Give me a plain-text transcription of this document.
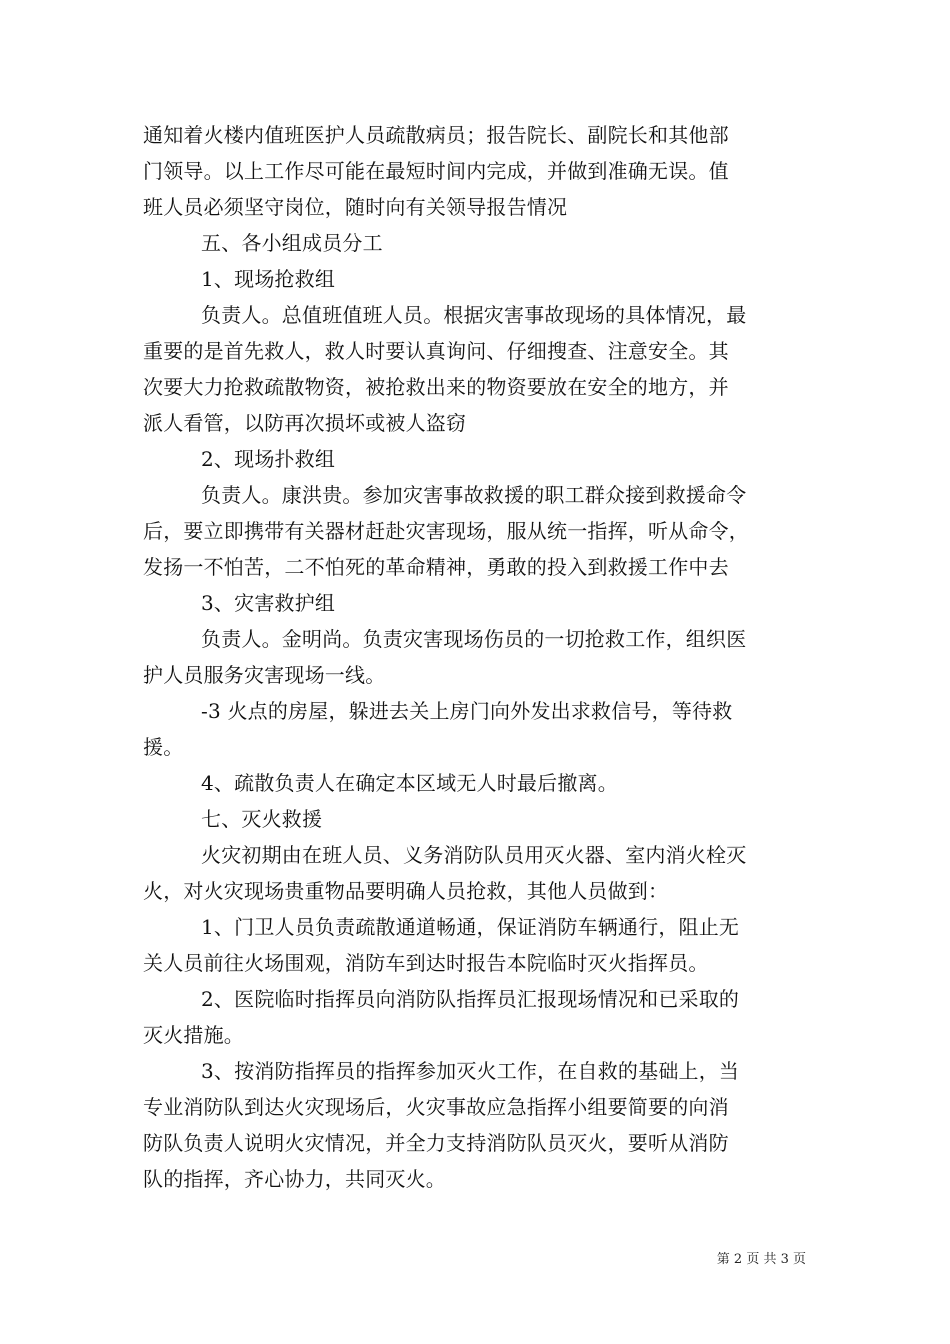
通知着火楼内值班医护人员疏散病员；报告院长、副院长和其他部
门领导。以上工作尽可能在最短时间内完成，并做到准确无误。值
班人员必须坚守岗位，随时向有关领导报告情况
五、各小组成员分工
1、现场抢救组
负责人。总值班值班人员。根据灾害事故现场的具体情况，最
重要的是首先救人，救人时要认真询问、仔细搜查、注意安全。其
次要大力抢救疏散物资，被抢救出来的物资要放在安全的地方，并
派人看管，以防再次损坏或被人盗窃
2、现场扑救组
负责人。康洪贵。参加灾害事故救援的职工群众接到救援命令
后，要立即携带有关器材赶赴灾害现场，服从统一指挥，听从命令，
发扬一不怕苦，二不怕死的革命精神，勇敢的投入到救援工作中去
3、灾害救护组
负责人。金明尚。负责灾害现场伤员的一切抢救工作，组织医
护人员服务灾害现场一线。
-3 火点的房屋，躲进去关上房门向外发出求救信号，等待救
援。
4、疏散负责人在确定本区域无人时最后撤离。
七、灭火救援
火灾初期由在班人员、义务消防队员用灭火器、室内消火栓灭
火，对火灾现场贵重物品要明确人员抢救，其他人员做到：
1、门卫人员负责疏散通道畅通，保证消防车辆通行，阻止无
关人员前往火场围观，消防车到达时报告本院临时灭火指挥员。
2、医院临时指挥员向消防队指挥员汇报现场情况和已采取的
灭火措施。
3、按消防指挥员的指挥参加灭火工作，在自救的基础上，当
专业消防队到达火灾现场后，火灾事故应急指挥小组要简要的向消
防队负责人说明火灾情况，并全力支持消防队员灭火，要听从消防
队的指挥，齐心协力，共同灭火。
第 2 页 共 3 页
